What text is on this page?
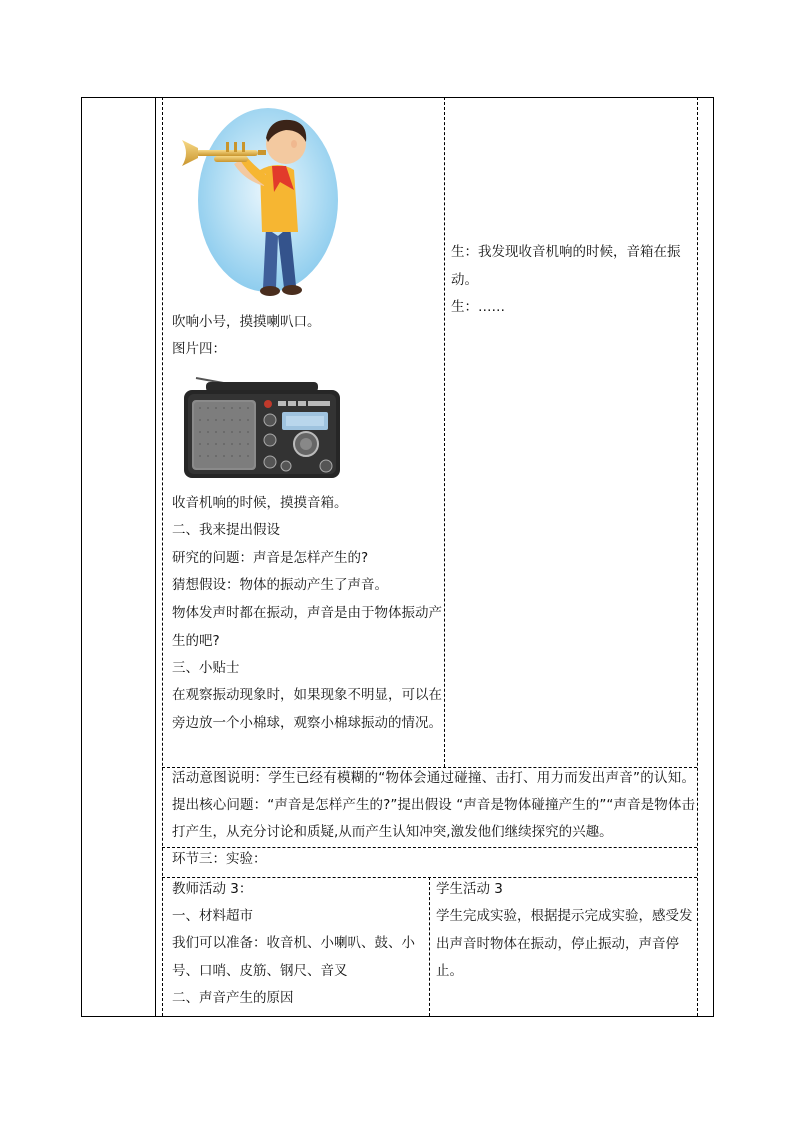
吹响小号，摸摸喇叭口。
图片四：
收音机响的时候，摸摸音箱。
二、我来提出假设
研究的问题：声音是怎样产生的?
猜想假设：物体的振动产生了声音。
物体发声时都在振动，声音是由于物体振动产生的吧?
三、小贴士
在观察振动现象时，如果现象不明显，可以在旁边放一个小棉球，观察小棉球振动的情况。
生：我发现收音机响的时候，音箱在振动。
生：……
活动意图说明：学生已经有模糊的“物体会通过碰撞、击打、用力而发出声音”的认知。提出核心问题：“声音是怎样产生的?”提出假设 “声音是物体碰撞产生的”“声音是物体击打产生，从充分讨论和质疑,从而产生认知冲突,激发他们继续探究的兴趣。
环节三：实验：
教师活动 3：
一、材料超市
我们可以准备：收音机、小喇叭、鼓、小号、口哨、皮筋、钢尺、音叉
二、声音产生的原因
学生活动 3
学生完成实验，根据提示完成实验，感受发出声音时物体在振动，停止振动，声音停止。
